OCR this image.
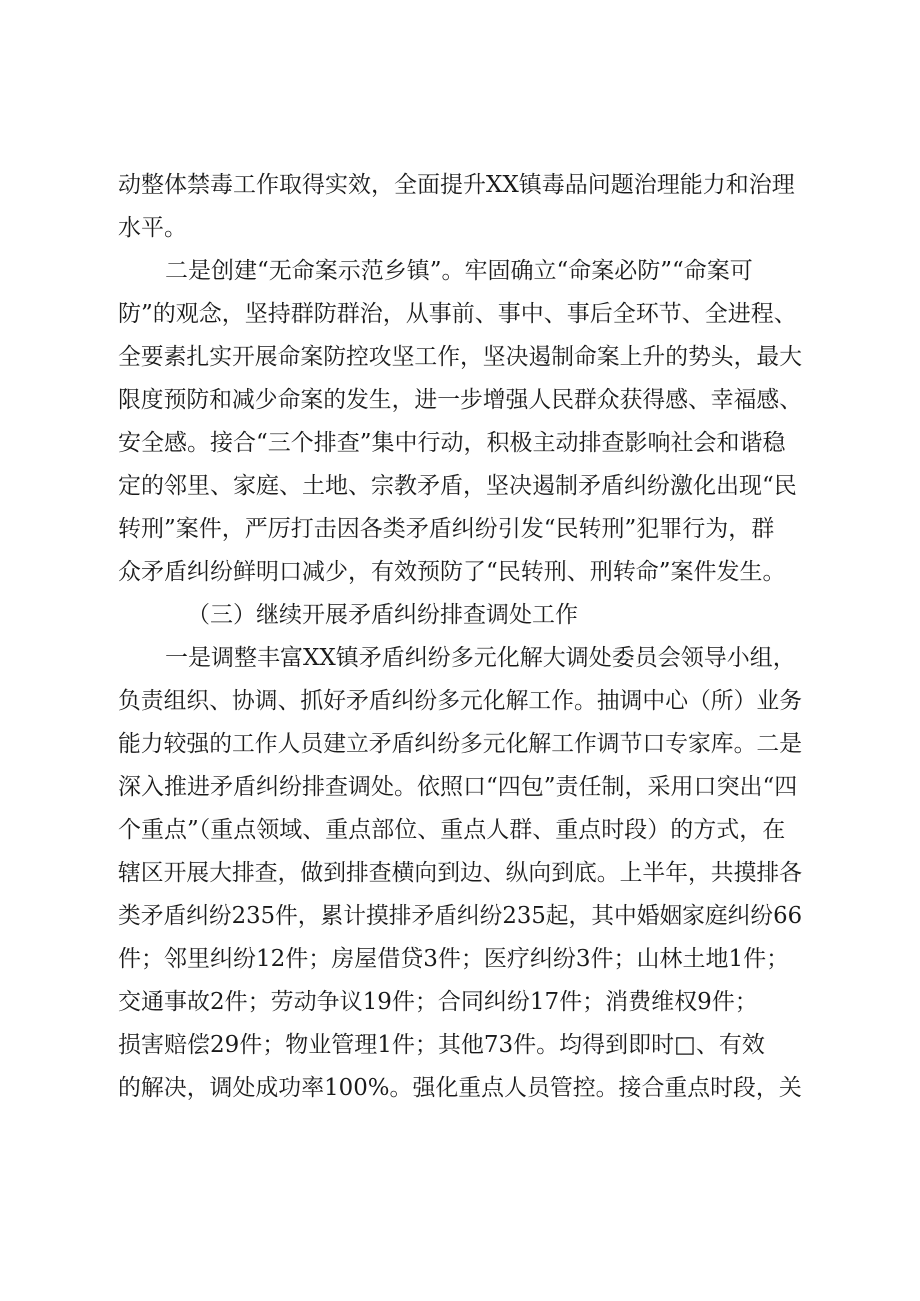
动整体禁毒工作取得实效，全面提升XX镇毒品问题治理能力和治理

水平。

二是创建“无命案示范乡镇”。牢固确立“命案必防”“命案可

防”的观念，坚持群防群治，从事前、事中、事后全环节、全进程、

全要素扎实开展命案防控攻坚工作，坚决遏制命案上升的势头，最大

限度预防和减少命案的发生，进一步增强人民群众获得感、幸福感、

安全感。接合“三个排查”集中行动，积极主动排查影响社会和谐稳

定的邻里、家庭、土地、宗教矛盾，坚决遏制矛盾纠纷激化出现“民

转刑”案件，严厉打击因各类矛盾纠纷引发“民转刑”犯罪行为，群

众矛盾纠纷鲜明口减少，有效预防了“民转刑、刑转命”案件发生。

（三）继续开展矛盾纠纷排查调处工作

一是调整丰富XX镇矛盾纠纷多元化解大调处委员会领导小组，

负责组织、协调、抓好矛盾纠纷多元化解工作。抽调中心（所）业务

能力较强的工作人员建立矛盾纠纷多元化解工作调节口专家库。二是

深入推进矛盾纠纷排查调处。依照口“四包”责任制，采用口突出“四

个重点”（重点领域、重点部位、重点人群、重点时段）的方式，在

辖区开展大排查，做到排查横向到边、纵向到底。上半年，共摸排各

类矛盾纠纷235件，累计摸排矛盾纠纷235起，其中婚姻家庭纠纷66

件；邻里纠纷12件；房屋借贷3件；医疗纠纷3件；山林土地1件；

交通事故2件；劳动争议19件；合同纠纷17件；消费维权9件；

损害赔偿29件；物业管理1件；其他73件。均得到即时□、有效

的解决，调处成功率100%。强化重点人员管控。接合重点时段，关
